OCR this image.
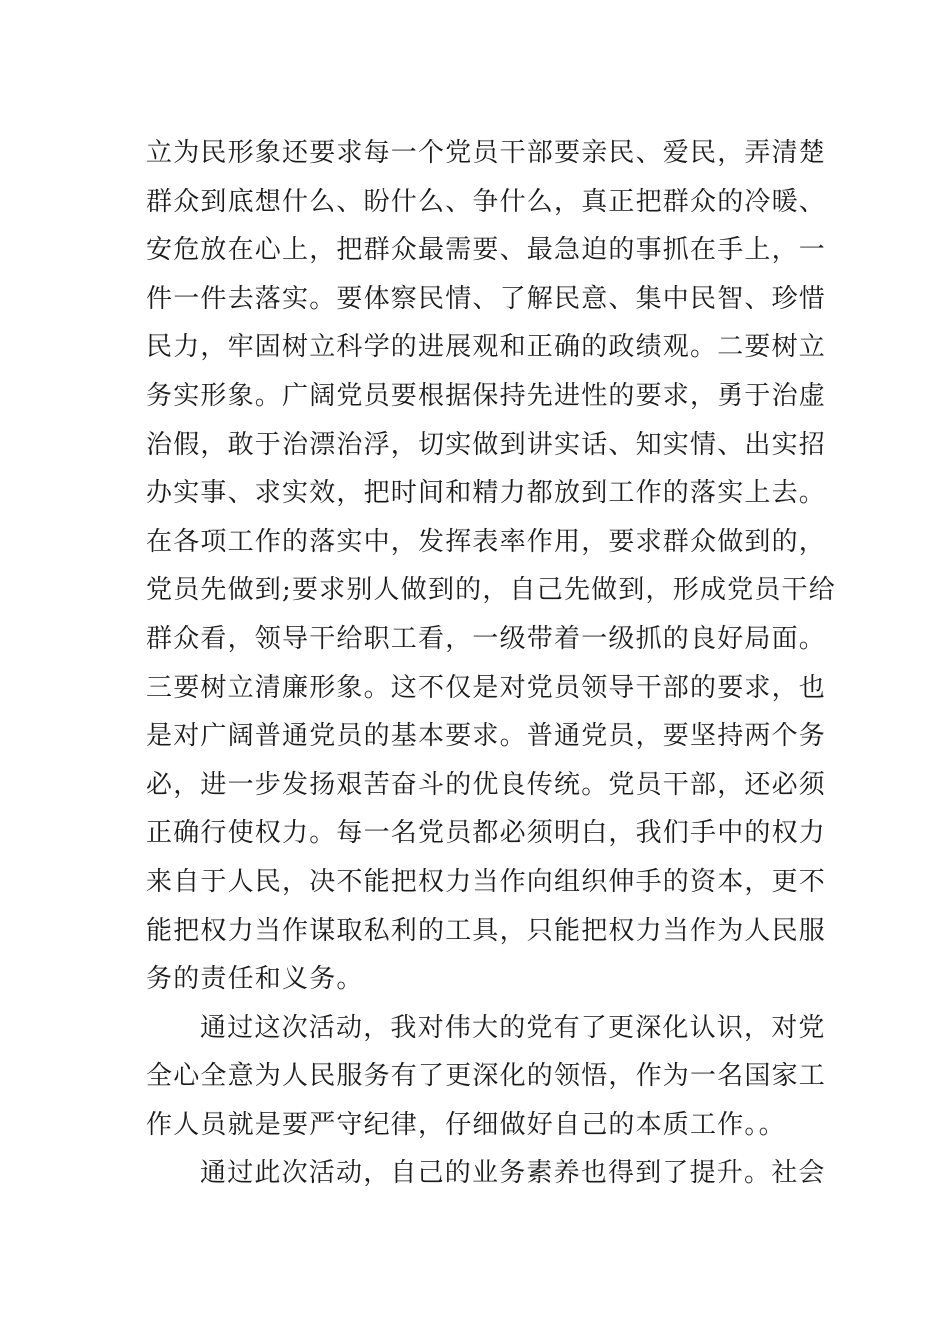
立为民形象还要求每一个党员干部要亲民、爱民，弄清楚
群众到底想什么、盼什么、争什么，真正把群众的冷暖、
安危放在心上，把群众最需要、最急迫的事抓在手上，一
件一件去落实。要体察民情、了解民意、集中民智、珍惜
民力，牢固树立科学的进展观和正确的政绩观。二要树立
务实形象。广阔党员要根据保持先进性的要求，勇于治虚
治假，敢于治漂治浮，切实做到讲实话、知实情、出实招
办实事、求实效，把时间和精力都放到工作的落实上去。
在各项工作的落实中，发挥表率作用，要求群众做到的，
党员先做到;要求别人做到的，自己先做到，形成党员干给
群众看，领导干给职工看，一级带着一级抓的良好局面。
三要树立清廉形象。这不仅是对党员领导干部的要求，也
是对广阔普通党员的基本要求。普通党员，要坚持两个务
必，进一步发扬艰苦奋斗的优良传统。党员干部，还必须
正确行使权力。每一名党员都必须明白，我们手中的权力
来自于人民，决不能把权力当作向组织伸手的资本，更不
能把权力当作谋取私利的工具，只能把权力当作为人民服
务的责任和义务。
通过这次活动，我对伟大的党有了更深化认识，对党
全心全意为人民服务有了更深化的领悟，作为一名国家工
作人员就是要严守纪律，仔细做好自己的本质工作。。
通过此次活动，自己的业务素养也得到了提升。社会
